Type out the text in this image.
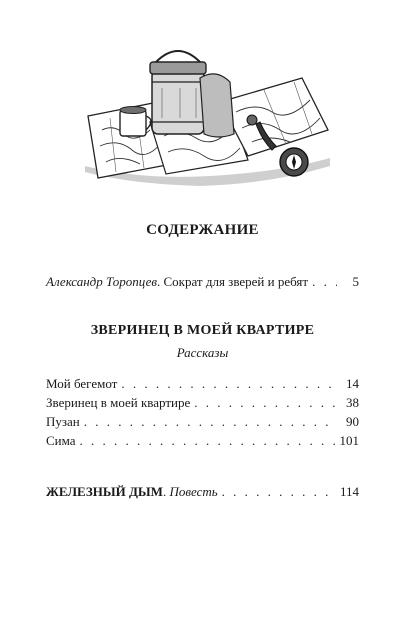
СОДЕРЖАНИЕ
Александр Торопцев. Сократ для зверей и ребят . . .	5
ЗВЕРИНЕЦ В МОЕЙ КВАРТИРЕ
Рассказы
Мой бегемот . . .	14
Зверинец в моей квартире . . .	38
Пузан . . .	90
Сима . . .	101
ЖЕЛЕЗНЫЙ ДЫМ. Повесть . . .	114
